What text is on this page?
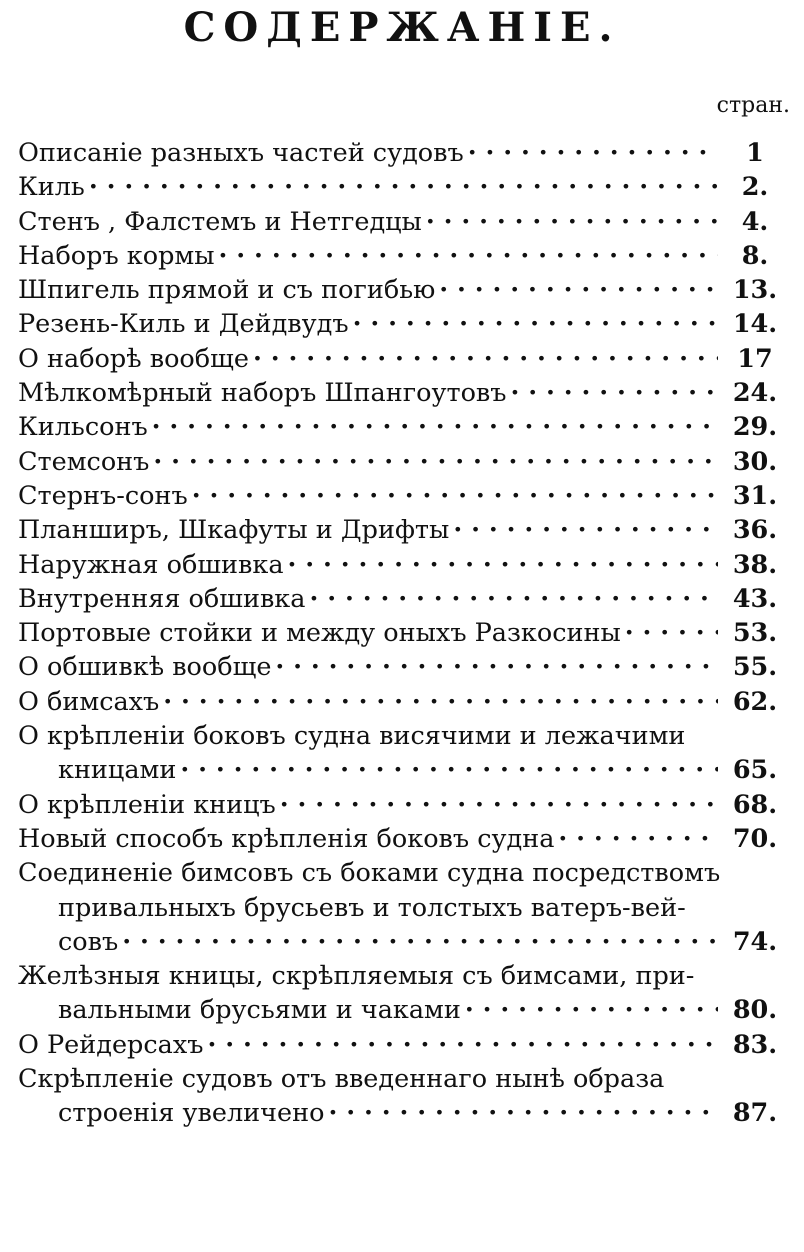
СОДЕРЖАНІЕ.
стран.
Описаніе разныхъ частей судовъ · · ·	1
Киль · · ·	2.
Стенъ , Фалстемъ и Нетгедцы · · ·	4.
Наборъ кормы · · ·	8.
Шпигель прямой и съ погибью · · ·	13.
Резень-Киль и Дейдвудъ · · ·	14.
О наборѣ вообще · · ·	17
Мѣлкомѣрный наборъ Шпангоутовъ · · ·	24.
Кильсонъ · · ·	29.
Стемсонъ · · ·	30.
Стернъ-сонъ · · ·	31.
Планширъ, Шкафуты и Дрифты · · ·	36.
Наружная обшивка · · ·	38.
Внутренняя обшивка · · ·	43.
Портовые стойки и между оныхъ Разкосины · · ·	53.
О обшивкѣ вообще · · ·	55.
О бимсахъ · · ·	62.
О крѣпленіи боковъ судна висячими и лежачими
кницами · · ·	65.
О крѣпленіи кницъ · · ·	68.
Новый способъ крѣпленія боковъ судна · · ·	70.
Соединеніе бимсовъ съ боками судна посредствомъ
привальныхъ брусьевъ и толстыхъ ватеръ-вей-
совъ · · ·	74.
Желѣзныя кницы, скрѣпляемыя съ бимсами, при-
вальными брусьями и чаками · · ·	80.
О Рейдерсахъ · · ·	83.
Скрѣпленіе судовъ отъ введеннаго нынѣ образа
строенія увеличено · · ·	87.
